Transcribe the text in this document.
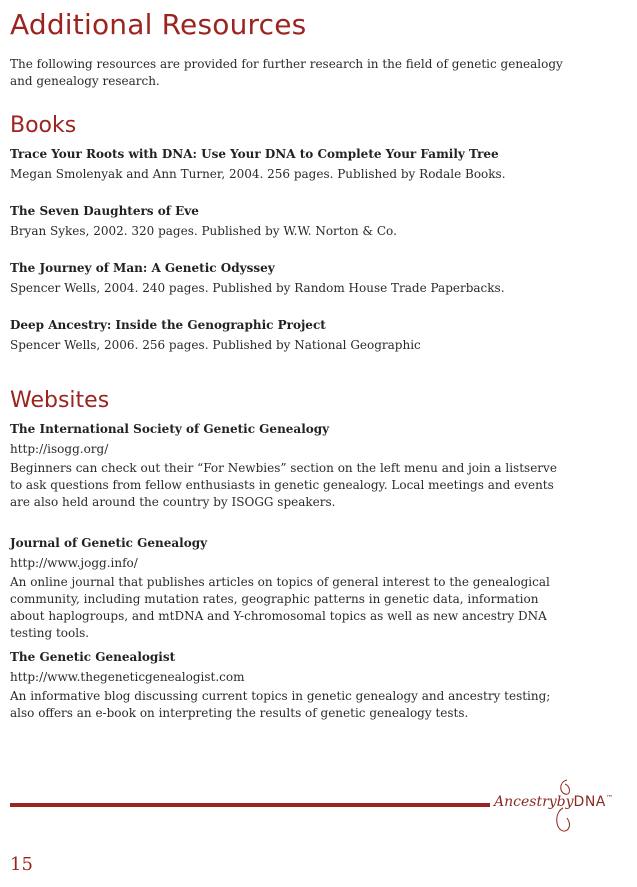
Additional Resources

The following resources are provided for further research in the field of genetic genealogy and genealogy research.

Books
Trace Your Roots with DNA: Use Your DNA to Complete Your Family Tree
Megan Smolenyak and Ann Turner, 2004. 256 pages. Published by Rodale Books.
The Seven Daughters of Eve
Bryan Sykes, 2002. 320 pages. Published by W.W. Norton & Co.
The Journey of Man: A Genetic Odyssey
Spencer Wells, 2004. 240 pages. Published by Random House Trade Paperbacks.
Deep Ancestry: Inside the Genographic Project
Spencer Wells, 2006. 256 pages. Published by National Geographic
Websites
The International Society of Genetic Genealogy
http://isogg.org/
Beginners can check out their “For Newbies” section on the left menu and join a listserve to ask questions from fellow enthusiasts in genetic genealogy. Local meetings and events are also held around the country by ISOGG speakers.
Journal of Genetic Genealogy
http://www.jogg.info/
An online journal that publishes articles on topics of general interest to the genealogical community, including mutation rates, geographic patterns in genetic data, information about haplogroups, and mtDNA and Y-chromosomal topics as well as new ancestry DNA testing tools.
The Genetic Genealogist
http://www.thegeneticgenealogist.com
An informative blog discussing current topics in genetic genealogy and ancestry testing; also offers an e-book on interpreting the results of genetic genealogy tests.
AncestrybyDNA™
15
